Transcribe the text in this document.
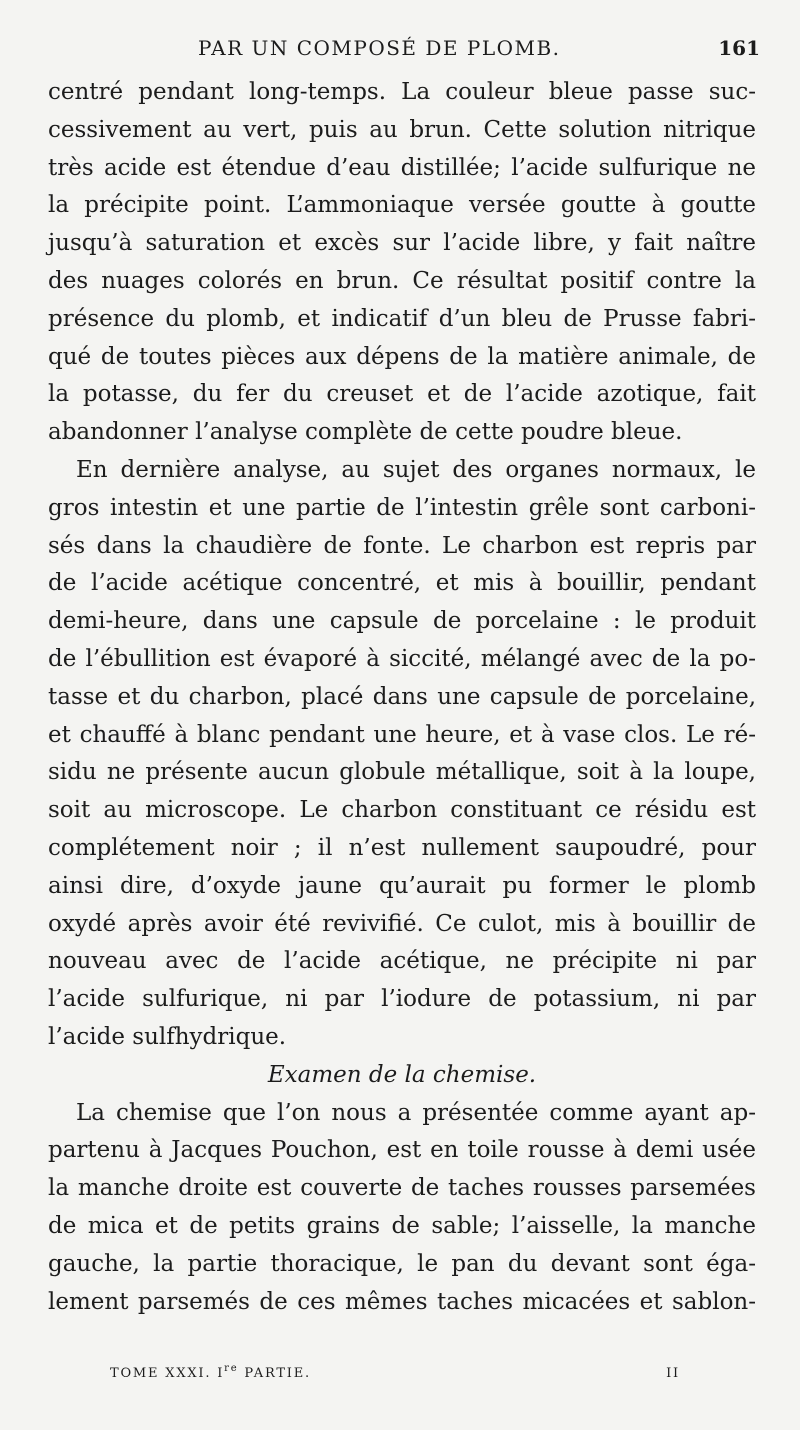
PAR UN COMPOSÉ DE PLOMB.	161
centré pendant long-temps. La couleur bleue passe suc-
cessivement au vert, puis au brun. Cette solution nitrique
très acide est étendue d’eau distillée; l’acide sulfurique ne
la précipite point. L’ammoniaque versée goutte à goutte
jusqu’à saturation et excès sur l’acide libre, y fait naître
des nuages colorés en brun. Ce résultat positif contre la
présence du plomb, et indicatif d’un bleu de Prusse fabri-
qué de toutes pièces aux dépens de la matière animale, de
la potasse, du fer du creuset et de l’acide azotique, fait
abandonner l’analyse complète de cette poudre bleue.
En dernière analyse, au sujet des organes normaux, le
gros intestin et une partie de l’intestin grêle sont carboni-
sés dans la chaudière de fonte. Le charbon est repris par
de l’acide acétique concentré, et mis à bouillir, pendant
demi-heure, dans une capsule de porcelaine : le produit
de l’ébullition est évaporé à siccité, mélangé avec de la po-
tasse et du charbon, placé dans une capsule de porcelaine,
et chauffé à blanc pendant une heure, et à vase clos. Le ré-
sidu ne présente aucun globule métallique, soit à la loupe,
soit au microscope. Le charbon constituant ce résidu est
complétement noir ; il n’est nullement saupoudré, pour
ainsi dire, d’oxyde jaune qu’aurait pu former le plomb
oxydé après avoir été revivifié. Ce culot, mis à bouillir de
nouveau avec de l’acide acétique, ne précipite ni par
l’acide sulfurique, ni par l’iodure de potassium, ni par
l’acide sulfhydrique.
Examen de la chemise.
La chemise que l’on nous a présentée comme ayant ap-
partenu à Jacques Pouchon, est en toile rousse à demi usée
la manche droite est couverte de taches rousses parsemées
de mica et de petits grains de sable; l’aisselle, la manche
gauche, la partie thoracique, le pan du devant sont éga-
lement parsemés de ces mêmes taches micacées et sablon-
TOME XXXI. Ire PARTIE.	II
